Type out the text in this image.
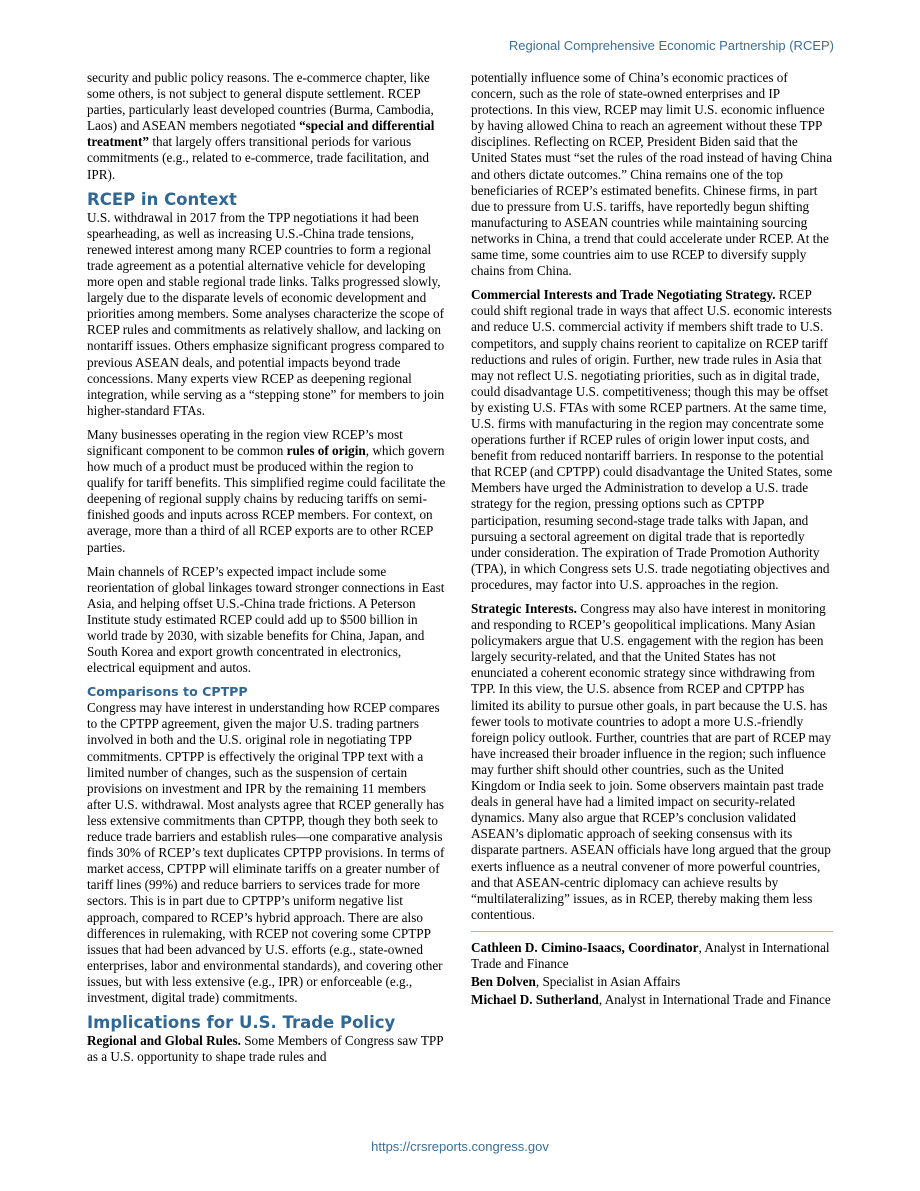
Regional Comprehensive Economic Partnership (RCEP)

security and public policy reasons. The e-commerce chapter, like some others, is not subject to general dispute settlement. RCEP parties, particularly least developed countries (Burma, Cambodia, Laos) and ASEAN members negotiated “special and differential treatment” that largely offers transitional periods for various commitments (e.g., related to e-commerce, trade facilitation, and IPR).

RCEP in Context

U.S. withdrawal in 2017 from the TPP negotiations it had been spearheading, as well as increasing U.S.-China trade tensions, renewed interest among many RCEP countries to form a regional trade agreement as a potential alternative vehicle for developing more open and stable regional trade links. Talks progressed slowly, largely due to the disparate levels of economic development and priorities among members. Some analyses characterize the scope of RCEP rules and commitments as relatively shallow, and lacking on nontariff issues. Others emphasize significant progress compared to previous ASEAN deals, and potential impacts beyond trade concessions. Many experts view RCEP as deepening regional integration, while serving as a “stepping stone” for members to join higher-standard FTAs.

Many businesses operating in the region view RCEP’s most significant component to be common rules of origin, which govern how much of a product must be produced within the region to qualify for tariff benefits. This simplified regime could facilitate the deepening of regional supply chains by reducing tariffs on semi-finished goods and inputs across RCEP members. For context, on average, more than a third of all RCEP exports are to other RCEP parties.

Main channels of RCEP’s expected impact include some reorientation of global linkages toward stronger connections in East Asia, and helping offset U.S.-China trade frictions. A Peterson Institute study estimated RCEP could add up to $500 billion in world trade by 2030, with sizable benefits for China, Japan, and South Korea and export growth concentrated in electronics, electrical equipment and autos.

Comparisons to CPTPP

Congress may have interest in understanding how RCEP compares to the CPTPP agreement, given the major U.S. trading partners involved in both and the U.S. original role in negotiating TPP commitments. CPTPP is effectively the original TPP text with a limited number of changes, such as the suspension of certain provisions on investment and IPR by the remaining 11 members after U.S. withdrawal. Most analysts agree that RCEP generally has less extensive commitments than CPTPP, though they both seek to reduce trade barriers and establish rules—one comparative analysis finds 30% of RCEP’s text duplicates CPTPP provisions. In terms of market access, CPTPP will eliminate tariffs on a greater number of tariff lines (99%) and reduce barriers to services trade for more sectors. This is in part due to CPTPP’s uniform negative list approach, compared to RCEP’s hybrid approach. There are also differences in rulemaking, with RCEP not covering some CPTPP issues that had been advanced by U.S. efforts (e.g., state-owned enterprises, labor and environmental standards), and covering other issues, but with less extensive (e.g., IPR) or enforceable (e.g., investment, digital trade) commitments.

Implications for U.S. Trade Policy

Regional and Global Rules. Some Members of Congress saw TPP as a U.S. opportunity to shape trade rules and

potentially influence some of China’s economic practices of concern, such as the role of state-owned enterprises and IP protections. In this view, RCEP may limit U.S. economic influence by having allowed China to reach an agreement without these TPP disciplines. Reflecting on RCEP, President Biden said that the United States must “set the rules of the road instead of having China and others dictate outcomes.” China remains one of the top beneficiaries of RCEP’s estimated benefits. Chinese firms, in part due to pressure from U.S. tariffs, have reportedly begun shifting manufacturing to ASEAN countries while maintaining sourcing networks in China, a trend that could accelerate under RCEP. At the same time, some countries aim to use RCEP to diversify supply chains from China.

Commercial Interests and Trade Negotiating Strategy. RCEP could shift regional trade in ways that affect U.S. economic interests and reduce U.S. commercial activity if members shift trade to U.S. competitors, and supply chains reorient to capitalize on RCEP tariff reductions and rules of origin. Further, new trade rules in Asia that may not reflect U.S. negotiating priorities, such as in digital trade, could disadvantage U.S. competitiveness; though this may be offset by existing U.S. FTAs with some RCEP partners. At the same time, U.S. firms with manufacturing in the region may concentrate some operations further if RCEP rules of origin lower input costs, and benefit from reduced nontariff barriers. In response to the potential that RCEP (and CPTPP) could disadvantage the United States, some Members have urged the Administration to develop a U.S. trade strategy for the region, pressing options such as CPTPP participation, resuming second-stage trade talks with Japan, and pursuing a sectoral agreement on digital trade that is reportedly under consideration. The expiration of Trade Promotion Authority (TPA), in which Congress sets U.S. trade negotiating objectives and procedures, may factor into U.S. approaches in the region.

Strategic Interests. Congress may also have interest in monitoring and responding to RCEP’s geopolitical implications. Many Asian policymakers argue that U.S. engagement with the region has been largely security-related, and that the United States has not enunciated a coherent economic strategy since withdrawing from TPP. In this view, the U.S. absence from RCEP and CPTPP has limited its ability to pursue other goals, in part because the U.S. has fewer tools to motivate countries to adopt a more U.S.-friendly foreign policy outlook. Further, countries that are part of RCEP may have increased their broader influence in the region; such influence may further shift should other countries, such as the United Kingdom or India seek to join. Some observers maintain past trade deals in general have had a limited impact on security-related dynamics. Many also argue that RCEP’s conclusion validated ASEAN’s diplomatic approach of seeking consensus with its disparate partners. ASEAN officials have long argued that the group exerts influence as a neutral convener of more powerful countries, and that ASEAN-centric diplomacy can achieve results by “multilateralizing” issues, as in RCEP, thereby making them less contentious.

Cathleen D. Cimino-Isaacs, Coordinator, Analyst in International Trade and Finance

Ben Dolven, Specialist in Asian Affairs

Michael D. Sutherland, Analyst in International Trade and Finance

https://crsreports.congress.gov
